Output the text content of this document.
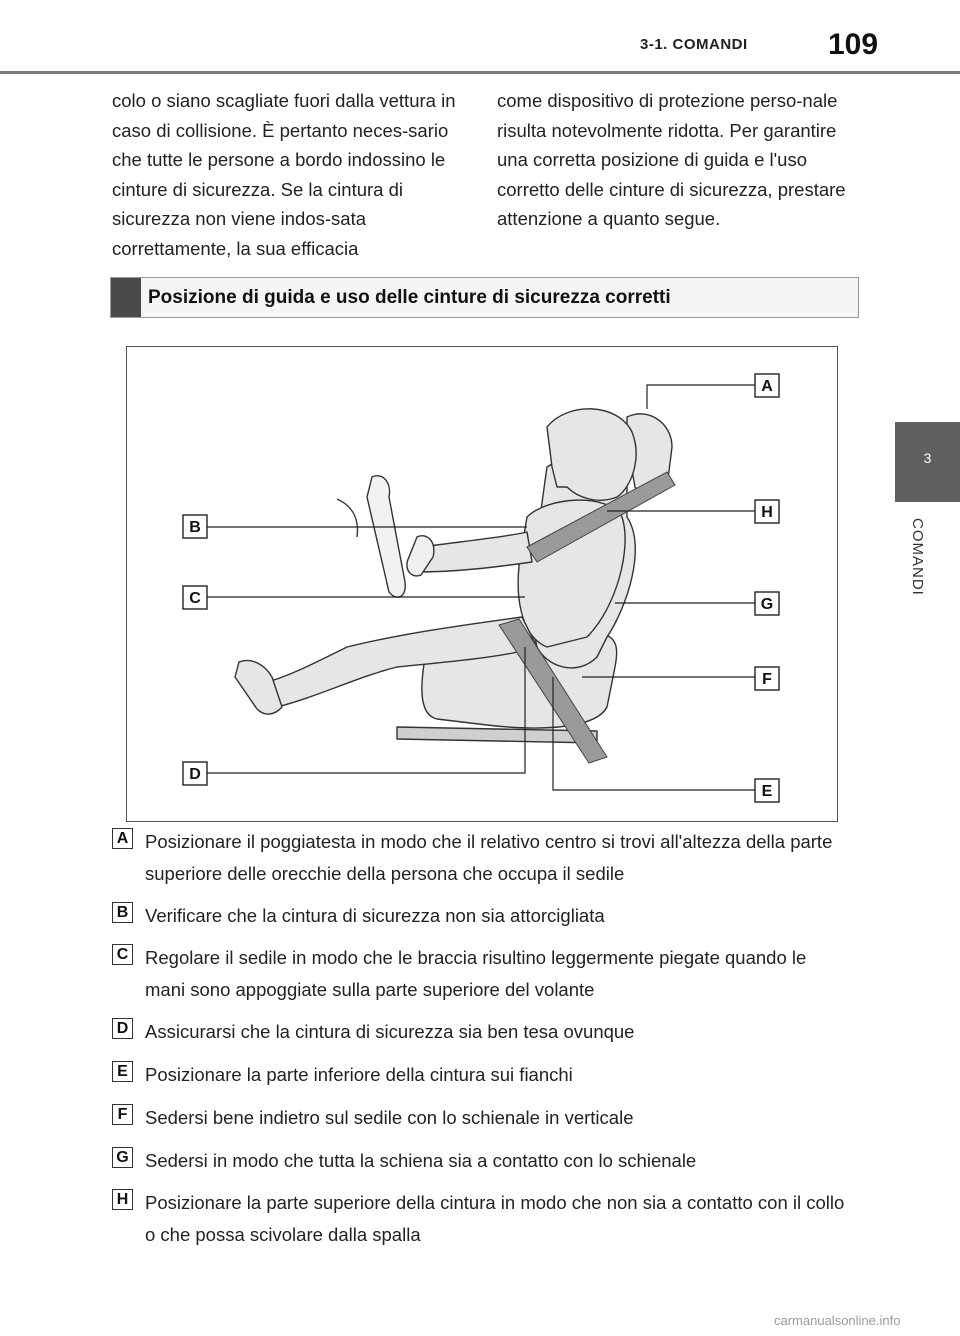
3-1. COMANDI	109
3
COMANDI
colo o siano scagliate fuori dalla vettura in caso di collisione. È pertanto neces-sario che tutte le persone a bordo indossino le cinture di sicurezza. Se la cintura di sicurezza non viene indos-sata correttamente, la sua efficacia
come dispositivo di protezione perso-nale risulta notevolmente ridotta. Per garantire una corretta posizione di guida e l'uso corretto delle cinture di sicurezza, prestare attenzione a quanto segue.
Posizione di guida e uso delle cinture di sicurezza corretti
A
B
H
C	G
F
D
E
A Posizionare il poggiatesta in modo che il relativo centro si trovi all'altezza della parte superiore delle orecchie della persona che occupa il sedile
B Verificare che la cintura di sicurezza non sia attorcigliata
C Regolare il sedile in modo che le braccia risultino leggermente piegate quando le mani sono appoggiate sulla parte superiore del volante
D Assicurarsi che la cintura di sicurezza sia ben tesa ovunque
E Posizionare la parte inferiore della cintura sui fianchi
F Sedersi bene indietro sul sedile con lo schienale in verticale
G Sedersi in modo che tutta la schiena sia a contatto con lo schienale
H Posizionare la parte superiore della cintura in modo che non sia a contatto con il collo o che possa scivolare dalla spalla
carmanualsonline.info
